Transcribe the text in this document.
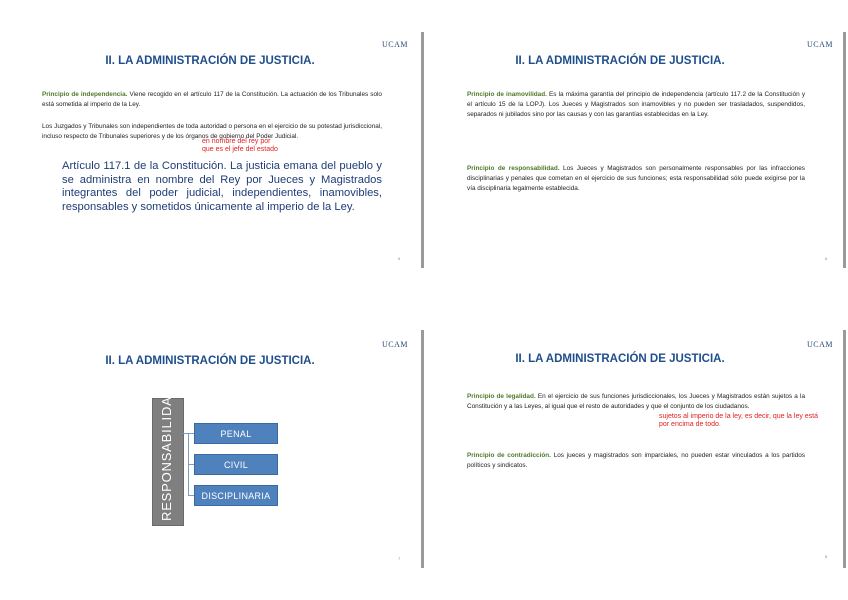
UCAM
II. LA ADMINISTRACIÓN DE JUSTICIA.
Principio de independencia. Viene recogido en el artículo 117 de la Constitución. La actuación de los Tribunales solo está sometida al imperio de la Ley.
Los Juzgados y Tribunales son independientes de toda autoridad o persona en el ejercicio de su potestad jurisdiccional, incluso respecto de Tribunales superiores y de los órganos de gobierno del Poder Judicial.
en nombre del rey por que es el jefe del estado
Artículo 117.1 de la Constitución. La justicia emana del pueblo y se administra en nombre del Rey por Jueces y Magistrados integrantes del poder judicial, independientes, inamovibles, responsables y sometidos únicamente al imperio de la Ley.
5
UCAM
II. LA ADMINISTRACIÓN DE JUSTICIA.
Principio de inamovilidad. Es la máxima garantía del principio de independencia (artículo 117.2 de la Constitución y el artículo 15 de la LOPJ). Los Jueces y Magistrados son inamovibles y no pueden ser trasladados, suspendidos, separados ni jubilados sino por las causas y con las garantías establecidas en la Ley.
Principio de responsabilidad. Los Jueces y Magistrados son personalmente responsables por las infracciones disciplinarias y penales que cometan en el ejercicio de sus funciones; esta responsabilidad sólo puede exigirse por la vía disciplinaria legalmente establecida.
6
UCAM
II. LA ADMINISTRACIÓN DE JUSTICIA.
RESPONSABILIDAD	PENAL
CIVIL
DISCIPLINARIA
7
UCAM
II. LA ADMINISTRACIÓN DE JUSTICIA.
Principio de legalidad. En el ejercicio de sus funciones jurisdiccionales, los Jueces y Magistrados están sujetos a la Constitución y a las Leyes, al igual que el resto de autoridades y que el conjunto de los ciudadanos.
sujetos al imperio de la ley, es decir, que la ley está por encima de todo.
Principio de contradicción. Los jueces y magistrados son imparciales, no pueden estar vinculados a los partidos políticos y sindicatos.
8
